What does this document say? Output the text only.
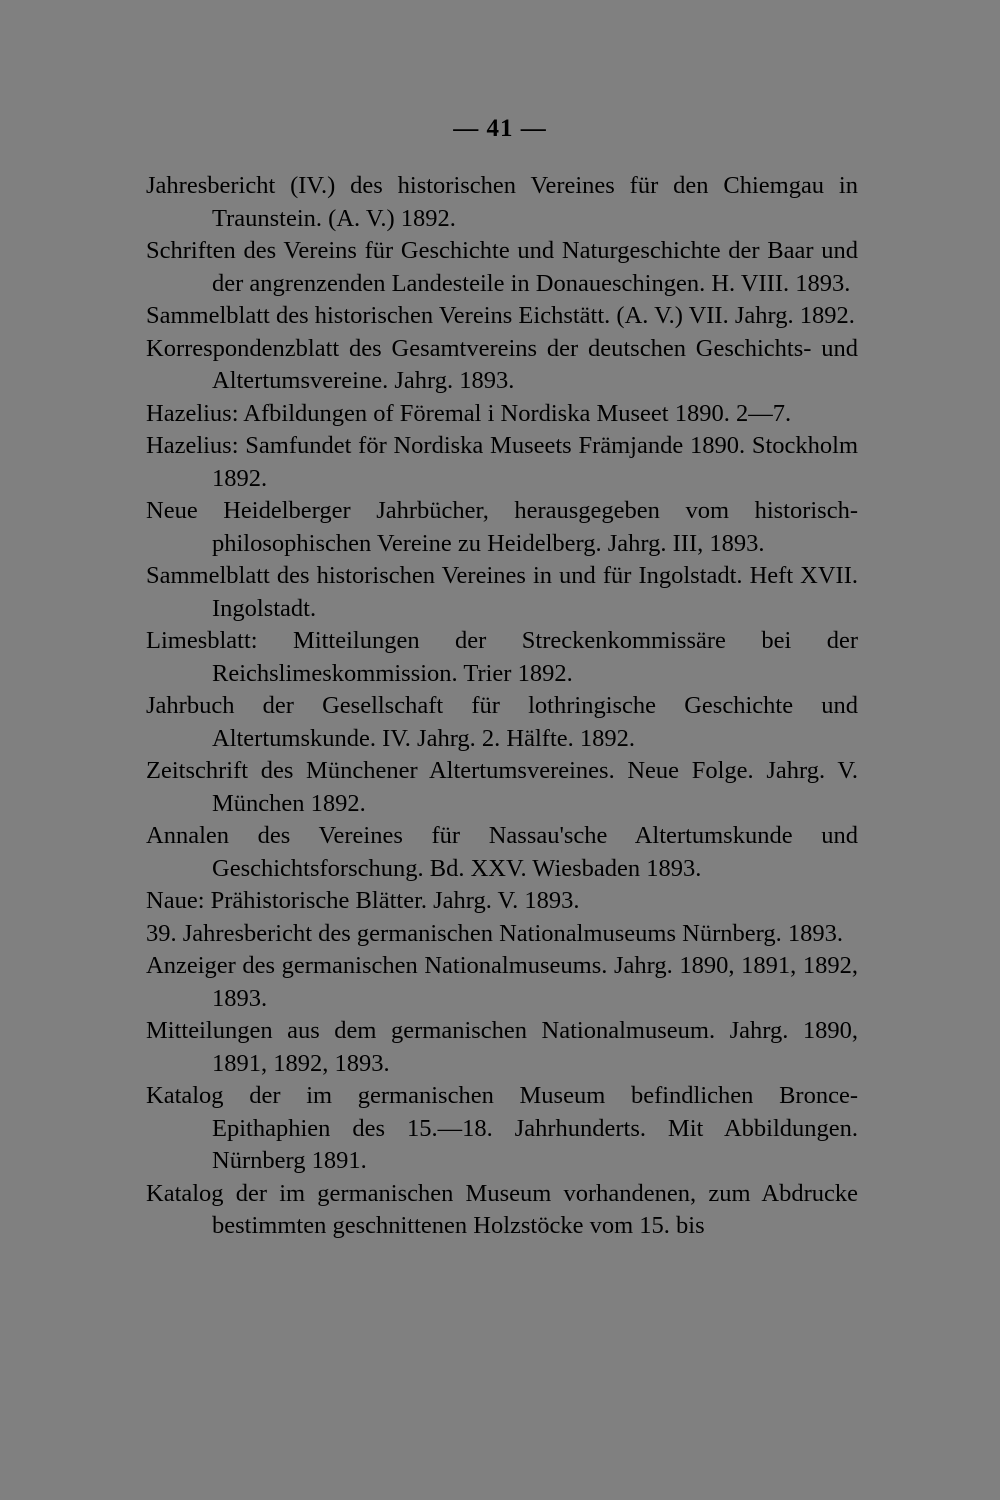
— 41 —

Jahresbericht (IV.) des historischen Vereines für den Chiemgau in Traunstein. (A. V.) 1892.

Schriften des Vereins für Geschichte und Naturgeschichte der Baar und der angrenzenden Landesteile in Donaueschingen. H. VIII. 1893.

Sammelblatt des historischen Vereins Eichstätt. (A. V.) VII. Jahrg. 1892.

Korrespondenzblatt des Gesamtvereins der deutschen Geschichts- und Altertumsvereine. Jahrg. 1893.

Hazelius: Afbildungen of Föremal i Nordiska Museet 1890. 2—7.

Hazelius: Samfundet för Nordiska Museets Främjande 1890. Stockholm 1892.

Neue Heidelberger Jahrbücher, herausgegeben vom historisch-philosophischen Vereine zu Heidelberg. Jahrg. III, 1893.

Sammelblatt des historischen Vereines in und für Ingolstadt. Heft XVII. Ingolstadt.

Limesblatt: Mitteilungen der Streckenkommissäre bei der Reichslimeskommission. Trier 1892.

Jahrbuch der Gesellschaft für lothringische Geschichte und Altertumskunde. IV. Jahrg. 2. Hälfte. 1892.

Zeitschrift des Münchener Altertumsvereines. Neue Folge. Jahrg. V. München 1892.

Annalen des Vereines für Nassau'sche Altertumskunde und Geschichtsforschung. Bd. XXV. Wiesbaden 1893.

Naue: Prähistorische Blätter. Jahrg. V. 1893.

39. Jahresbericht des germanischen Nationalmuseums Nürnberg. 1893.

Anzeiger des germanischen Nationalmuseums. Jahrg. 1890, 1891, 1892, 1893.

Mitteilungen aus dem germanischen Nationalmuseum. Jahrg. 1890, 1891, 1892, 1893.

Katalog der im germanischen Museum befindlichen Bronce-Epithaphien des 15.—18. Jahrhunderts. Mit Abbildungen. Nürnberg 1891.

Katalog der im germanischen Museum vorhandenen, zum Abdrucke bestimmten geschnittenen Holzstöcke vom 15. bis
